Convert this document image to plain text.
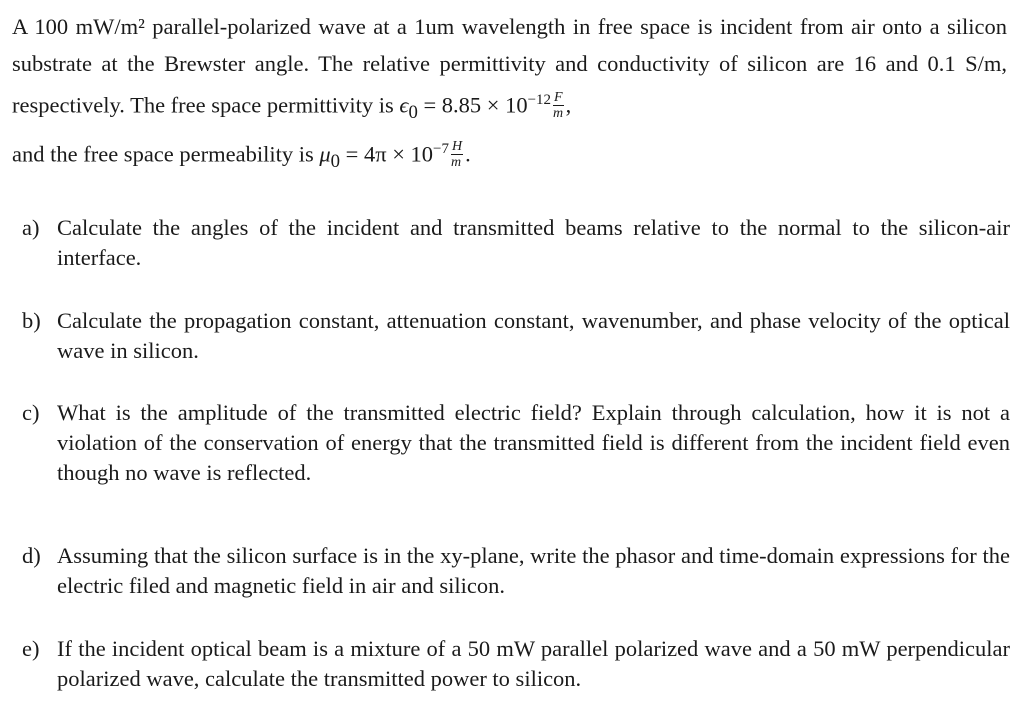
A 100 mW/m² parallel-polarized wave at a 1um wavelength in free space is incident from air onto a silicon substrate at the Brewster angle. The relative permittivity and conductivity of silicon are 16 and 0.1 S/m, respectively. The free space permittivity is $\epsilon_0 = 8.85 \times 10^{-12} \frac{F}{m}$ ,
and the free space permeability is $\mu_0 = 4\pi \times 10^{-7} \frac{H}{m}$ .

a) Calculate the angles of the incident and transmitted beams relative to the normal to the silicon-air interface.
b) Calculate the propagation constant, attenuation constant, wavenumber, and phase velocity of the optical wave in silicon.
c) What is the amplitude of the transmitted electric field? Explain through calculation, how it is not a violation of the conservation of energy that the transmitted field is different from the incident field even though no wave is reflected.
d) Assuming that the silicon surface is in the xy-plane, write the phasor and time-domain expressions for the electric filed and magnetic field in air and silicon.
e) If the incident optical beam is a mixture of a 50 mW parallel polarized wave and a 50 mW perpendicular polarized wave, calculate the transmitted power to silicon.
